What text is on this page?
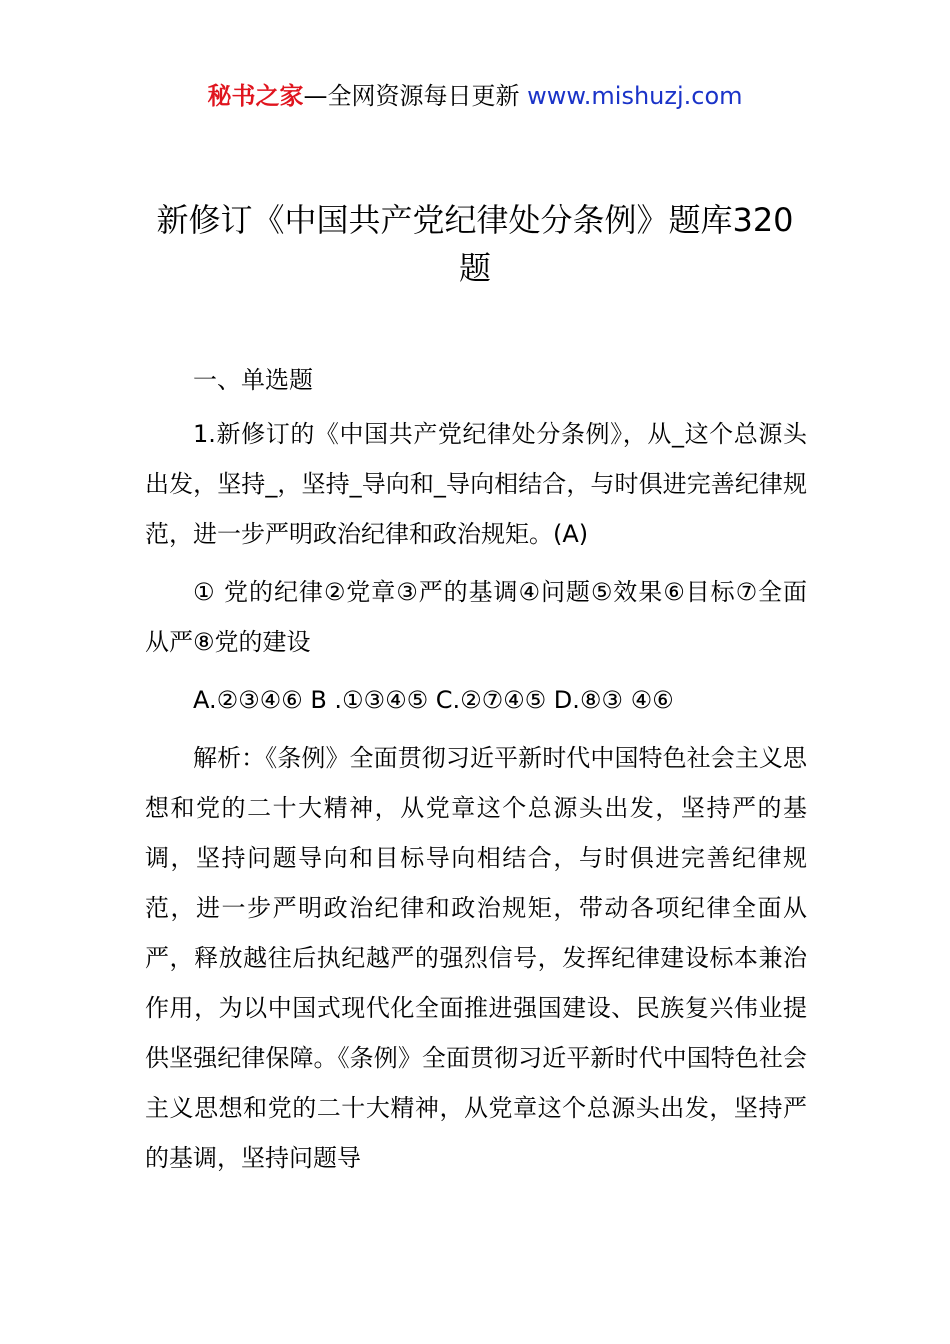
秘书之家—全网资源每日更新 www.mishuzj.com
新修订《中国共产党纪律处分条例》题库320题

一、单选题

1.新修订的《中国共产党纪律处分条例》，从_这个总源头出发，坚持_，坚持_导向和_导向相结合，与时俱进完善纪律规范，进一步严明政治纪律和政治规矩。(A)

① 党的纪律②党章③严的基调④问题⑤效果⑥目标⑦全面从严⑧党的建设

A.②③④⑥ B .①③④⑤ C.②⑦④⑤ D.⑧③ ④⑥

解析：《条例》全面贯彻习近平新时代中国特色社会主义思想和党的二十大精神，从党章这个总源头出发，坚持严的基调，坚持问题导向和目标导向相结合，与时俱进完善纪律规范，进一步严明政治纪律和政治规矩，带动各项纪律全面从严，释放越往后执纪越严的强烈信号，发挥纪律建设标本兼治作用，为以中国式现代化全面推进强国建设、民族复兴伟业提供坚强纪律保障。《条例》全面贯彻习近平新时代中国特色社会主义思想和党的二十大精神，从党章这个总源头出发，坚持严的基调，坚持问题导
